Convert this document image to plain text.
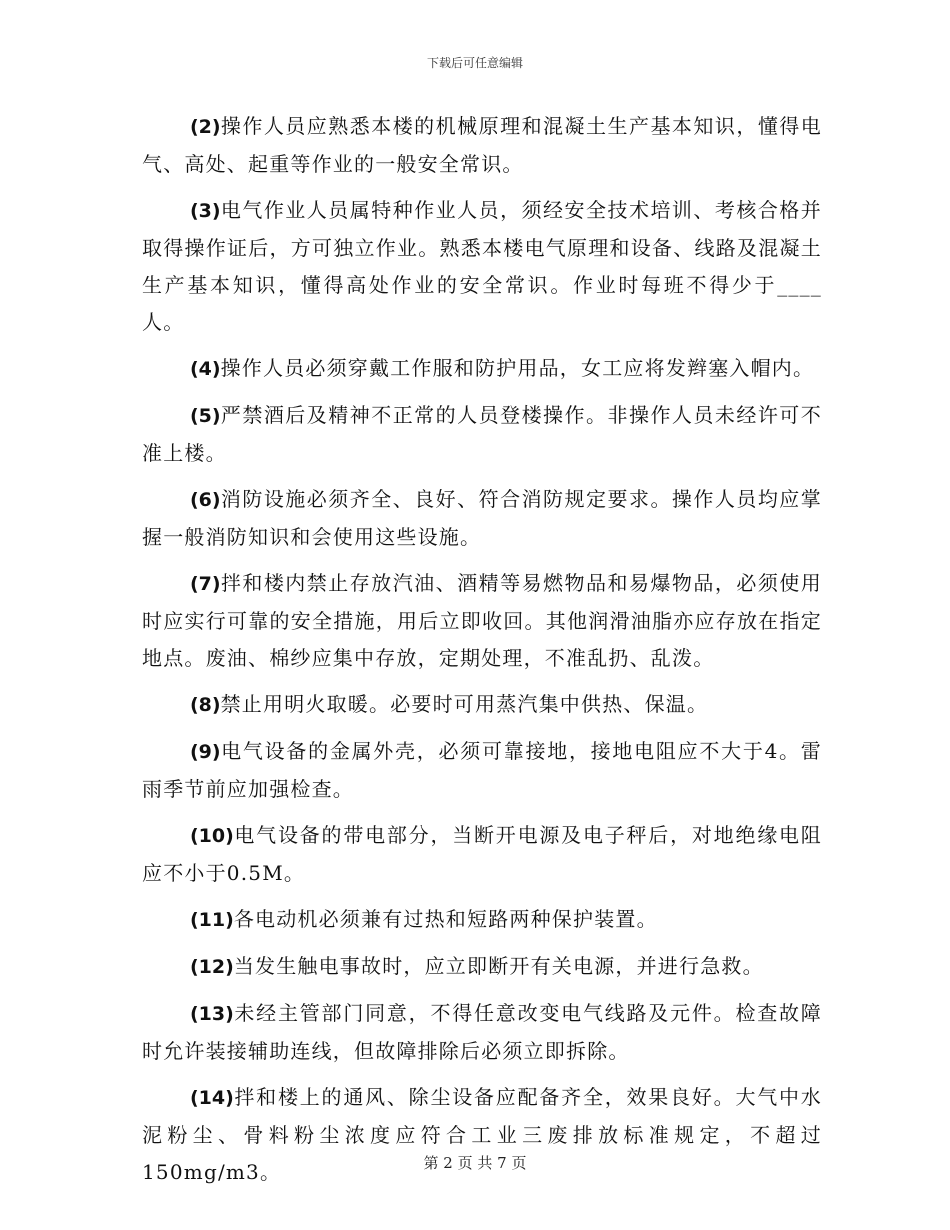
下载后可任意编辑

(2)操作人员应熟悉本楼的机械原理和混凝土生产基本知识，懂得电气、高处、起重等作业的一般安全常识。

(3)电气作业人员属特种作业人员，须经安全技术培训、考核合格并取得操作证后，方可独立作业。熟悉本楼电气原理和设备、线路及混凝土生产基本知识，懂得高处作业的安全常识。作业时每班不得少于____人。

(4)操作人员必须穿戴工作服和防护用品，女工应将发辫塞入帽内。

(5)严禁酒后及精神不正常的人员登楼操作。非操作人员未经许可不准上楼。

(6)消防设施必须齐全、良好、符合消防规定要求。操作人员均应掌握一般消防知识和会使用这些设施。

(7)拌和楼内禁止存放汽油、酒精等易燃物品和易爆物品，必须使用时应实行可靠的安全措施，用后立即收回。其他润滑油脂亦应存放在指定地点。废油、棉纱应集中存放，定期处理，不准乱扔、乱泼。

(8)禁止用明火取暖。必要时可用蒸汽集中供热、保温。

(9)电气设备的金属外壳，必须可靠接地，接地电阻应不大于4。雷雨季节前应加强检查。

(10)电气设备的带电部分，当断开电源及电子秤后，对地绝缘电阻应不小于0.5M。

(11)各电动机必须兼有过热和短路两种保护装置。

(12)当发生触电事故时，应立即断开有关电源，并进行急救。

(13)未经主管部门同意，不得任意改变电气线路及元件。检查故障时允许装接辅助连线，但故障排除后必须立即拆除。

(14)拌和楼上的通风、除尘设备应配备齐全，效果良好。大气中水泥粉尘、骨料粉尘浓度应符合工业三废排放标准规定，不超过150mg/m3。	第 2 页 共 7 页
